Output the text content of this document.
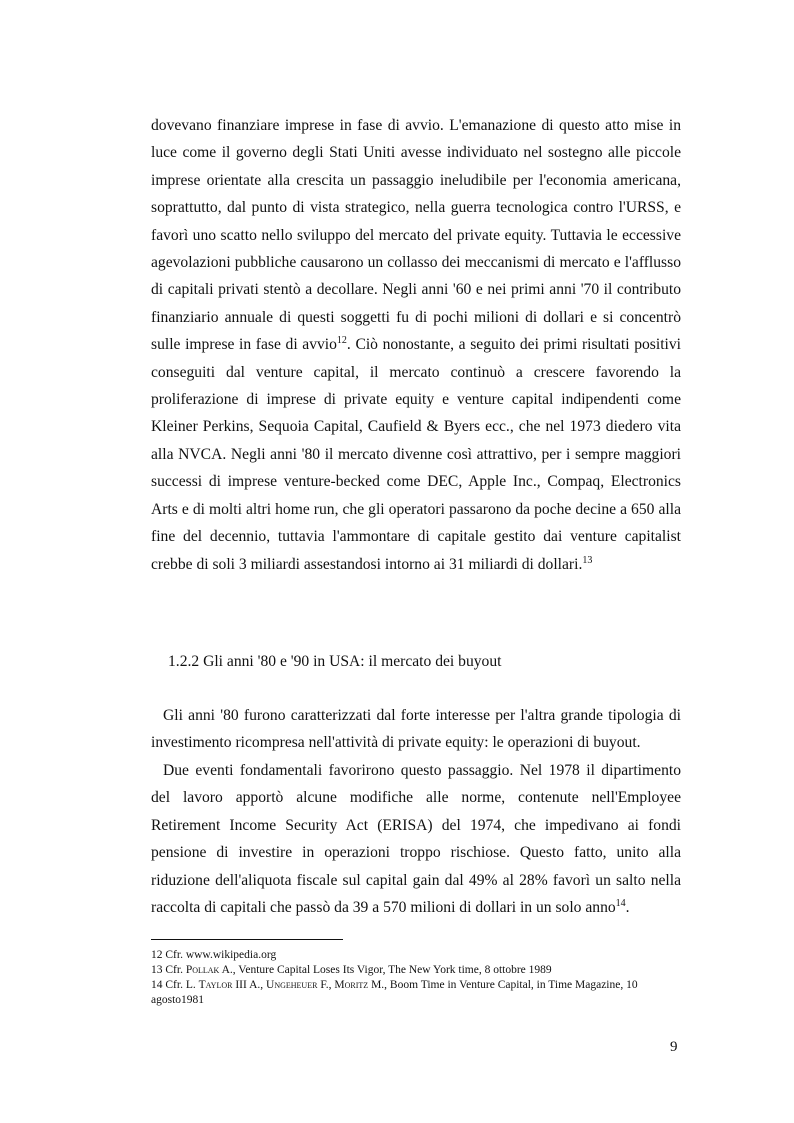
dovevano finanziare imprese in fase di avvio. L'emanazione di questo atto mise in luce come il governo degli Stati Uniti avesse individuato nel sostegno alle piccole imprese orientate alla crescita un passaggio ineludibile per l'economia americana, soprattutto, dal punto di vista strategico, nella guerra tecnologica contro l'URSS, e favorì uno scatto nello sviluppo del mercato del private equity. Tuttavia le eccessive agevolazioni pubbliche causarono un collasso dei meccanismi di mercato e l'afflusso di capitali privati stentò a decollare. Negli anni '60 e nei primi anni '70 il contributo finanziario annuale di questi soggetti fu di pochi milioni di dollari e si concentrò sulle imprese in fase di avvio$^{12}$. Ciò nonostante, a seguito dei primi risultati positivi conseguiti dal venture capital, il mercato continuò a crescere favorendo la proliferazione di imprese di private equity e venture capital indipendenti come Kleiner Perkins, Sequoia Capital, Caufield & Byers ecc., che nel 1973 diedero vita alla NVCA. Negli anni '80 il mercato divenne così attrattivo, per i sempre maggiori successi di imprese venture-becked come DEC, Apple Inc., Compaq, Electronics Arts e di molti altri home run, che gli operatori passarono da poche decine a 650 alla fine del decennio, tuttavia l'ammontare di capitale gestito dai venture capitalist crebbe di soli 3 miliardi assestandosi intorno ai 31 miliardi di dollari.$^{13}$

1.2.2 Gli anni '80 e '90 in USA: il mercato dei buyout

Gli anni '80 furono caratterizzati dal forte interesse per l'altra grande tipologia di investimento ricompresa nell'attività di private equity: le operazioni di buyout.

Due eventi fondamentali favorirono questo passaggio. Nel 1978 il dipartimento del lavoro apportò alcune modifiche alle norme, contenute nell'Employee Retirement Income Security Act (ERISA) del 1974, che impedivano ai fondi pensione di investire in operazioni troppo rischiose. Questo fatto, unito alla riduzione dell'aliquota fiscale sul capital gain dal 49% al 28% favorì un salto nella raccolta di capitali che passò da 39 a 570 milioni di dollari in un solo anno$^{14}$.

12 Cfr. www.wikipedia.org

13 Cfr. Pollak A., Venture Capital Loses Its Vigor, The New York time, 8 ottobre 1989

14 Cfr. L. Taylor III A., Ungeheuer F., Moritz M., Boom Time in Venture Capital, in Time Magazine, 10 agosto1981

9
